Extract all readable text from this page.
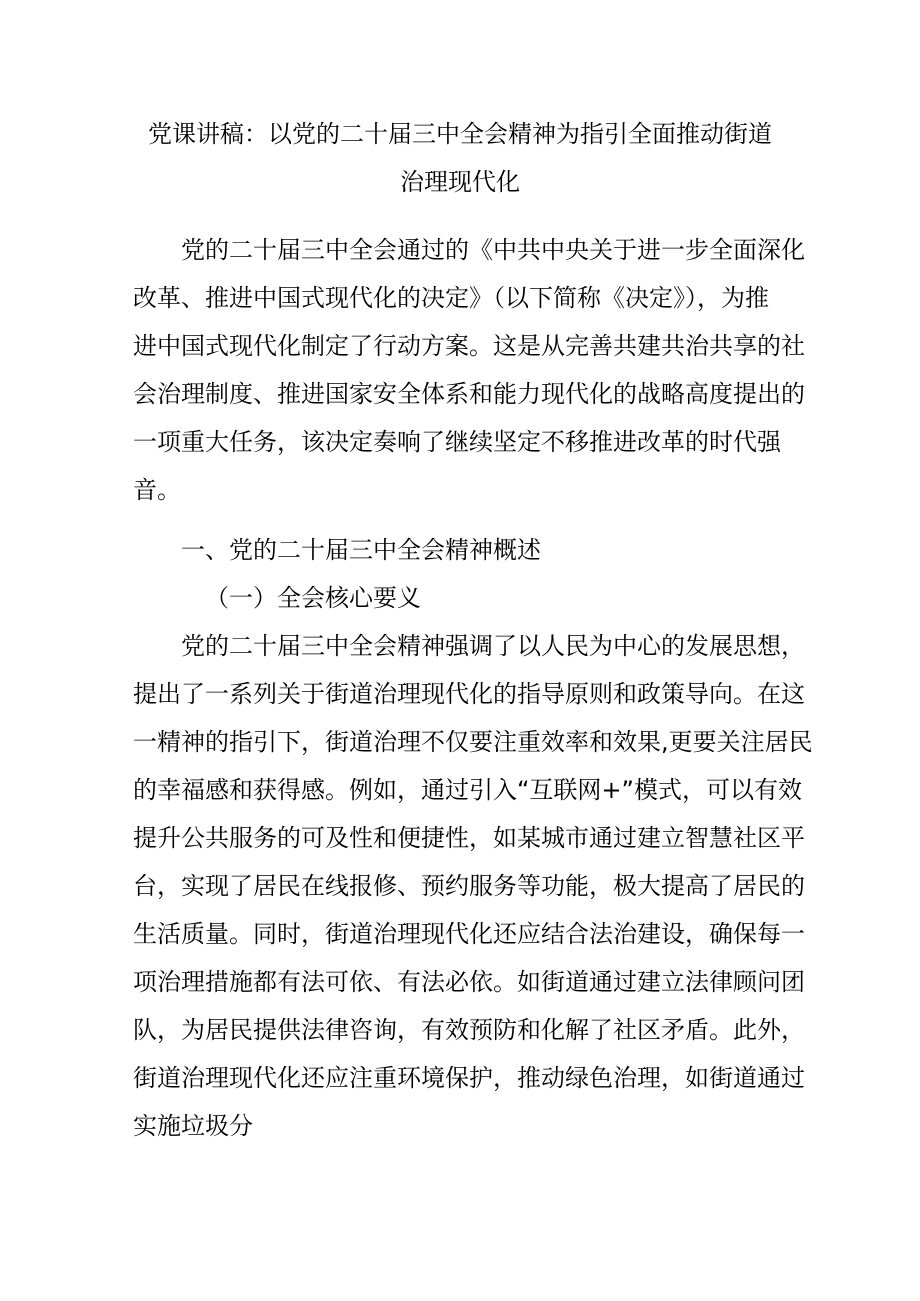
党课讲稿：以党的二十届三中全会精神为指引全面推动街道
治理现代化
党的二十届三中全会通过的《中共中央关于进一步全面深化
改革、推进中国式现代化的决定》（以下简称《决定》），为推
进中国式现代化制定了行动方案。这是从完善共建共治共享的社
会治理制度、推进国家安全体系和能力现代化的战略高度提出的
一项重大任务，该决定奏响了继续坚定不移推进改革的时代强
音。
一、党的二十届三中全会精神概述
（一）全会核心要义
党的二十届三中全会精神强调了以人民为中心的发展思想，
提出了一系列关于街道治理现代化的指导原则和政策导向。在这
一精神的指引下，街道治理不仅要注重效率和效果,更要关注居民
的幸福感和获得感。例如，通过引入“互联网+”模式，可以有效
提升公共服务的可及性和便捷性，如某城市通过建立智慧社区平
台，实现了居民在线报修、预约服务等功能，极大提高了居民的
生活质量。同时，街道治理现代化还应结合法治建设，确保每一
项治理措施都有法可依、有法必依。如街道通过建立法律顾问团
队，为居民提供法律咨询，有效预防和化解了社区矛盾。此外，
街道治理现代化还应注重环境保护，推动绿色治理，如街道通过
实施垃圾分
